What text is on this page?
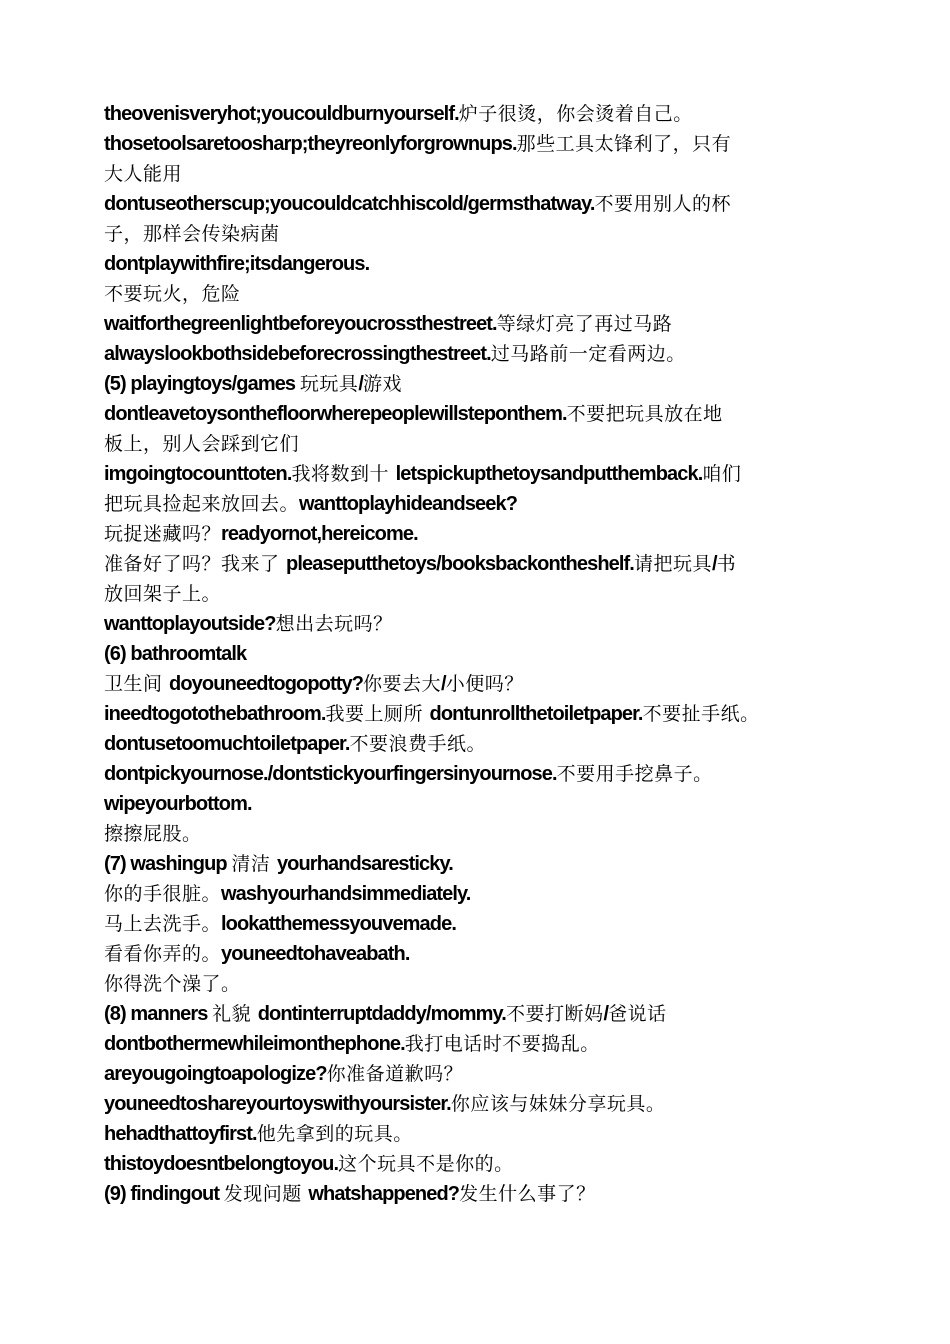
theovenisveryhot;youcouldburnyourself.炉子很烫，你会烫着自己。
thosetoolsaretoosharp;theyreonlyforgrownups.那些工具太锋利了，只有
大人能用
dontuseotherscup;youcouldcatchhiscold/germsthatway.不要用别人的杯
子，那样会传染病菌
dontplaywithfire;itsdangerous.
不要玩火，危险
waitforthegreenlightbeforeyoucrossthestreet.等绿灯亮了再过马路
alwayslookbothsidebeforecrossingthestreet.过马路前一定看两边。
(5) playingtoys/games 玩玩具/游戏
dontleavetoysonthefloorwherepeoplewillsteponthem.不要把玩具放在地
板上，别人会踩到它们
imgoingtocounttoten.我将数到十 letspickupthetoysandputthemback.咱们
把玩具捡起来放回去。wanttoplayhideandseek?
玩捉迷藏吗？readyornot,hereicome.
准备好了吗？我来了 pleaseputthetoys/booksbackontheshelf.请把玩具/书
放回架子上。
wanttoplayoutside?想出去玩吗？
(6) bathroomtalk
卫生间 doyouneedtogopotty?你要去大/小便吗？
ineedtogotothebathroom.我要上厕所 dontunrollthetoiletpaper.不要扯手纸。
dontusetoomuchtoiletpaper.不要浪费手纸。
dontpickyournose./dontstickyourfingersinyournose.不要用手挖鼻子。
wipeyourbottom.
擦擦屁股。
(7) washingup 清洁 yourhandsaresticky.
你的手很脏。washyourhandsimmediately.
马上去洗手。lookatthemessyouvemade.
看看你弄的。youneedtohaveabath.
你得洗个澡了。
(8) manners 礼貌 dontinterruptdaddy/mommy.不要打断妈/爸说话
dontbothermewhileimonthephone.我打电话时不要捣乱。
areyougoingtoapologize?你准备道歉吗？
youneedtoshareyourtoyswithyoursister.你应该与妹妹分享玩具。
hehadthattoyfirst.他先拿到的玩具。
thistoydoesntbelongtoyou.这个玩具不是你的。
(9) findingout 发现问题 whatshappened?发生什么事了？
